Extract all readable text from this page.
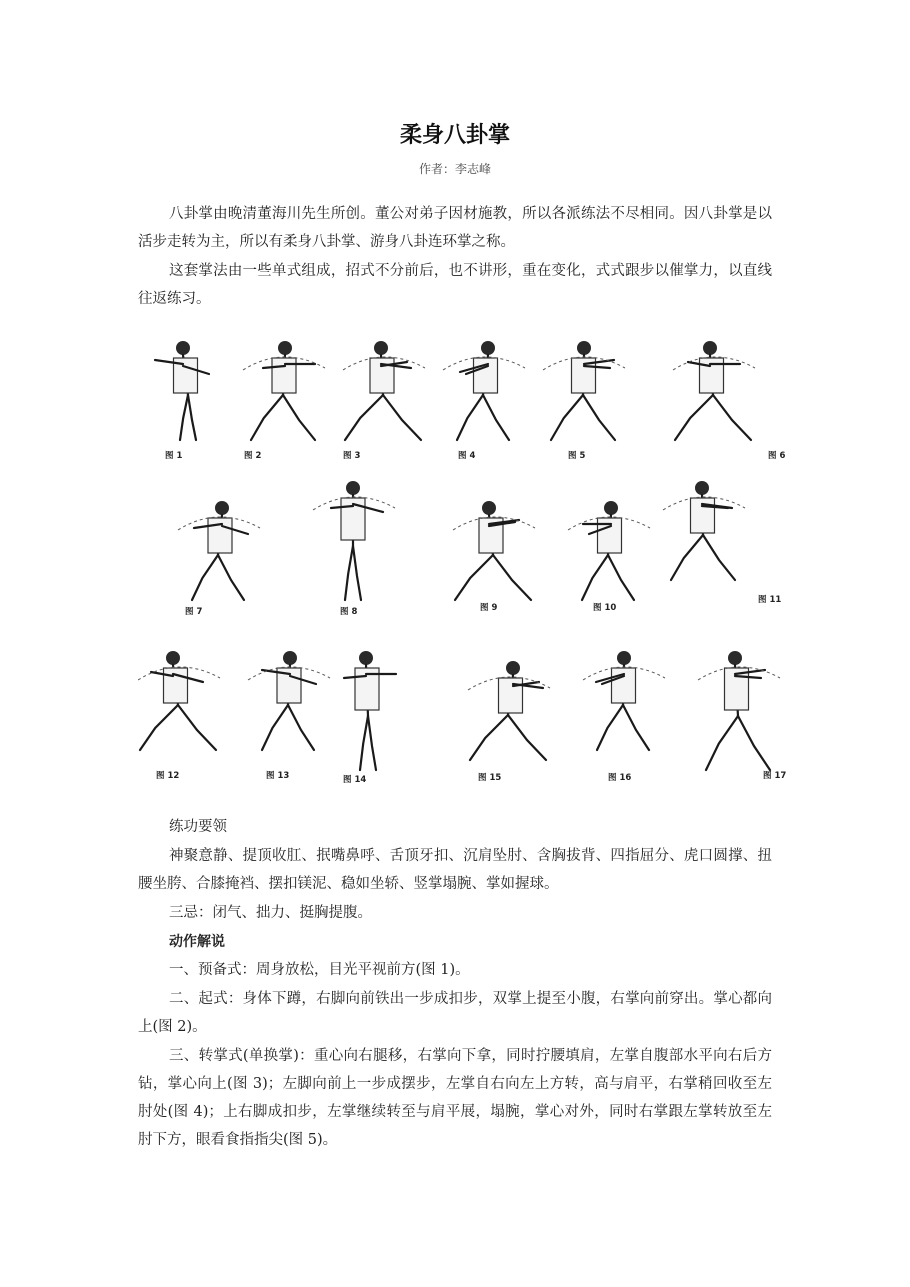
柔身八卦掌
作者：李志峰

八卦掌由晚清董海川先生所创。董公对弟子因材施教，所以各派练法不尽相同。因八卦掌是以活步走转为主，所以有柔身八卦掌、游身八卦连环掌之称。

这套掌法由一些单式组成，招式不分前后，也不讲形，重在变化，式式跟步以催掌力，以直线往返练习。

图 1	图 2	图 3	图 4	图 5	图 6
图 7	图 8	图 9	图 10
图 11
图 12	图 13	图 14	图 15	图 16	图 17

练功要领

神聚意静、提顶收肛、抿嘴鼻呼、舌顶牙扣、沉肩坠肘、含胸拔背、四指屈分、虎口圆撑、扭腰坐胯、合膝掩裆、摆扣镁泥、稳如坐轿、竖掌塌腕、掌如握球。

三忌：闭气、拙力、挺胸提腹。

动作解说

一、预备式：周身放松，目光平视前方(图 1)。

二、起式：身体下蹲，右脚向前铁出一步成扣步，双掌上提至小腹，右掌向前穿出。掌心都向上(图 2)。

三、转掌式(单换掌)：重心向右腿移，右掌向下拿，同时拧腰填肩，左掌自腹部水平向右后方钻，掌心向上(图 3)；左脚向前上一步成摆步，左掌自右向左上方转，高与肩平，右掌稍回收至左肘处(图 4)；上右脚成扣步，左掌继续转至与肩平展，塌腕，掌心对外，同时右掌跟左掌转放至左肘下方，眼看食指指尖(图 5)。
